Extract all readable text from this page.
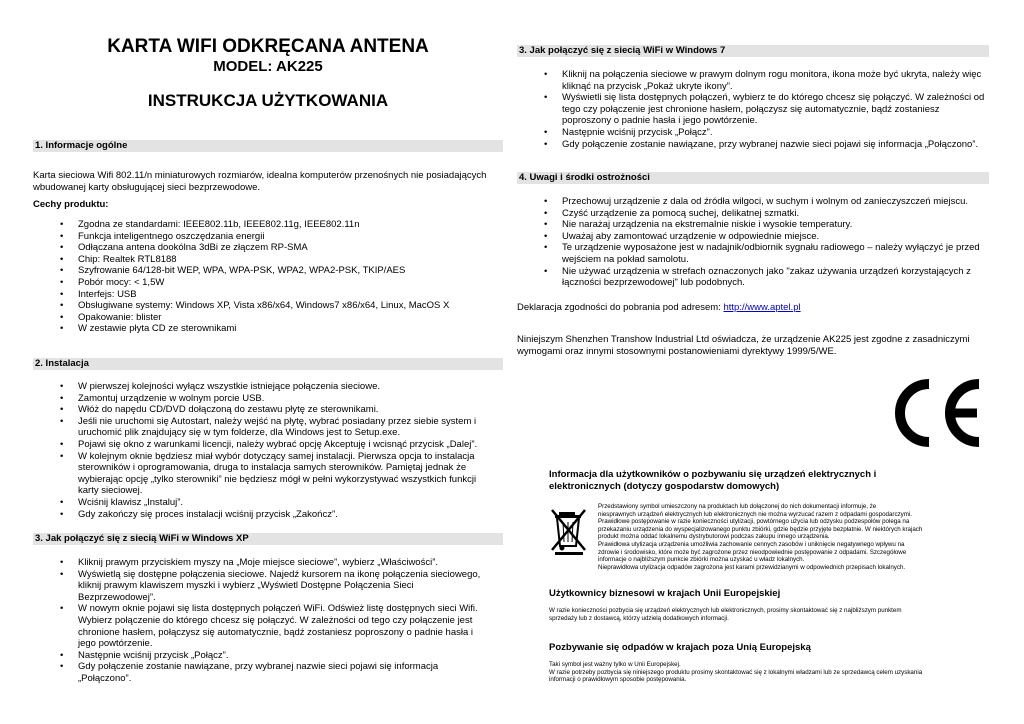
KARTA WIFI ODKRĘCANA ANTENA
MODEL: AK225
INSTRUKCJA UŻYTKOWANIA
1. Informacje ogólne
Karta sieciowa Wifi 802.11/n miniaturowych rozmiarów, idealna komputerów przenośnych nie posiadających wbudowanej karty obsługującej sieci bezprzewodowe.
Cechy produktu:
• Zgodna ze standardami: IEEE802.11b, IEEE802.11g, IEEE802.11n
• Funkcja inteligentnego oszczędzania energii
• Odłączana antena dookólna 3dBi ze złączem RP-SMA
• Chip: Realtek RTL8188
• Szyfrowanie 64/128-bit WEP, WPA, WPA-PSK, WPA2, WPA2-PSK, TKIP/AES
• Pobór mocy: < 1,5W
• Interfejs: USB
• Obsługiwane systemy: Windows XP, Vista x86/x64, Windows7 x86/x64, Linux, MacOS X
• Opakowanie: blister
• W zestawie płyta CD ze sterownikami
2. Instalacja
• W pierwszej kolejności wyłącz wszystkie istniejące połączenia sieciowe.
• Zamontuj urządzenie w wolnym porcie USB.
• Włóż do napędu CD/DVD dołączoną do zestawu płytę ze sterownikami.
• Jeśli nie uruchomi się Autostart, należy wejść na płytę, wybrać posiadany przez siebie system i uruchomić plik znajdujący się w tym folderze, dla Windows jest to Setup.exe.
• Pojawi się okno z warunkami licencji, należy wybrać opcję Akceptuję i wcisnąć przycisk „Dalej”.
• W kolejnym oknie będziesz miał wybór dotyczący samej instalacji. Pierwsza opcja to instalacja sterowników i oprogramowania, druga to instalacja samych sterowników. Pamiętaj jednak że wybierając opcję „tylko sterowniki” nie będziesz mógł w pełni wykorzystywać wszystkich funkcji karty sieciowej.
• Wciśnij klawisz „Instaluj”.
• Gdy zakończy się proces instalacji wciśnij przycisk „Zakończ”.
3. Jak połączyć się z siecią WiFi w Windows XP
• Kliknij prawym przyciskiem myszy na „Moje miejsce sieciowe”, wybierz „Właściwości”.
• Wyświetlą się dostępne połączenia sieciowe. Najedź kursorem na ikonę połączenia sieciowego, kliknij prawym klawiszem myszki i wybierz „Wyświetl Dostępne Połączenia Sieci Bezprzewodowej”.
• W nowym oknie pojawi się lista dostępnych połączeń WiFi. Odśwież listę dostępnych sieci Wifi. Wybierz połączenie do którego chcesz się połączyć. W zależności od tego czy połączenie jest chronione hasłem, połączysz się automatycznie, bądź zostaniesz poproszony o padnie hasła i jego powtórzenie.
• Następnie wciśnij przycisk „Połącz”.
• Gdy połączenie zostanie nawiązane, przy wybranej nazwie sieci pojawi się informacja „Połączono”.
3. Jak połączyć się z siecią WiFi w Windows 7
• Kliknij na połączenia sieciowe w prawym dolnym rogu monitora, ikona może być ukryta, należy więc kliknąć na przycisk „Pokaż ukryte ikony”.
• Wyświetli się lista dostępnych połączeń, wybierz te do którego chcesz się połączyć. W zależności od tego czy połączenie jest chronione hasłem, połączysz się automatycznie, bądź zostaniesz poproszony o padnie hasła i jego powtórzenie.
• Następnie wciśnij przycisk „Połącz”.
• Gdy połączenie zostanie nawiązane, przy wybranej nazwie sieci pojawi się informacja „Połączono”.
4. Uwagi i środki ostrożności
• Przechowuj urządzenie z dala od źródła wilgoci, w suchym i wolnym od zanieczyszczeń miejscu.
• Czyść urządzenie za pomocą suchej, delikatnej szmatki.
• Nie narażaj urządzenia na ekstremalnie niskie i wysokie temperatury.
• Uważaj aby zamontować urządzenie w odpowiednie miejsce.
• Te urządzenie wyposażone jest w nadajnik/odbiornik sygnału radiowego – należy wyłączyć je przed wejściem na pokład samolotu.
• Nie używać urządzenia w strefach oznaczonych jako "zakaz używania urządzeń korzystających z łączności bezprzewodowej" lub podobnych.
Deklaracja zgodności do pobrania pod adresem: http://www.aptel.pl
Niniejszym Shenzhen Transhow Industrial Ltd oświadcza, że urządzenie AK225 jest zgodne z zasadniczymi wymogami oraz innymi stosownymi postanowieniami dyrektywy 1999/5/WE.
Informacja dla użytkowników o pozbywaniu się urządzeń elektrycznych i elektronicznych (dotyczy gospodarstw domowych)
Przedstawiony symbol umieszczony na produktach lub dołączonej do nich dokumentacji informuje, że
niesprawnych urządzeń elektrycznych lub elektronicznych nie można wyrzucać razem z odpadami gospodarczymi.
Prawidłowe postępowanie w razie konieczności utylizacji, powtórnego użycia lub odzysku podzespołów polega na
przekazaniu urządzenia do wyspecjalizowanego punktu zbiórki, gdzie będzie przyjęte bezpłatnie. W niektórych krajach
produkt można oddać lokalnemu dystrybutorowi podczas zakupu innego urządzenia.
Prawidłowa utylizacja urządzenia umożliwia zachowanie cennych zasobów i uniknięcie negatywnego wpływu na
zdrowie i środowisko, które może być zagrożone przez nieodpowiednie postępowanie z odpadami. Szczegółowe
informacje o najbliższym punkcie zbiórki można uzyskać u władz lokalnych.
Nieprawidłowa utylizacja odpadów zagrożona jest karami przewidzianymi w odpowiednich przepisach lokalnych.
Użytkownicy biznesowi w krajach Unii Europejskiej
W razie konieczności pozbycia się urządzeń elektrycznych lub elektronicznych, prosimy skontaktować się z najbliższym punktem
sprzedaży lub z dostawcą, którzy udzielą dodatkowych informacji.
Pozbywanie się odpadów w krajach poza Unią Europejską
Taki symbol jest ważny tylko w Unii Europejskej.
W razie potrzeby pozbycia się niniejszego produktu prosimy skontaktować się z lokalnymi władzami lub ze sprzedawcą celem uzyskania
informacji o prawidłowym sposobie postępowania.
